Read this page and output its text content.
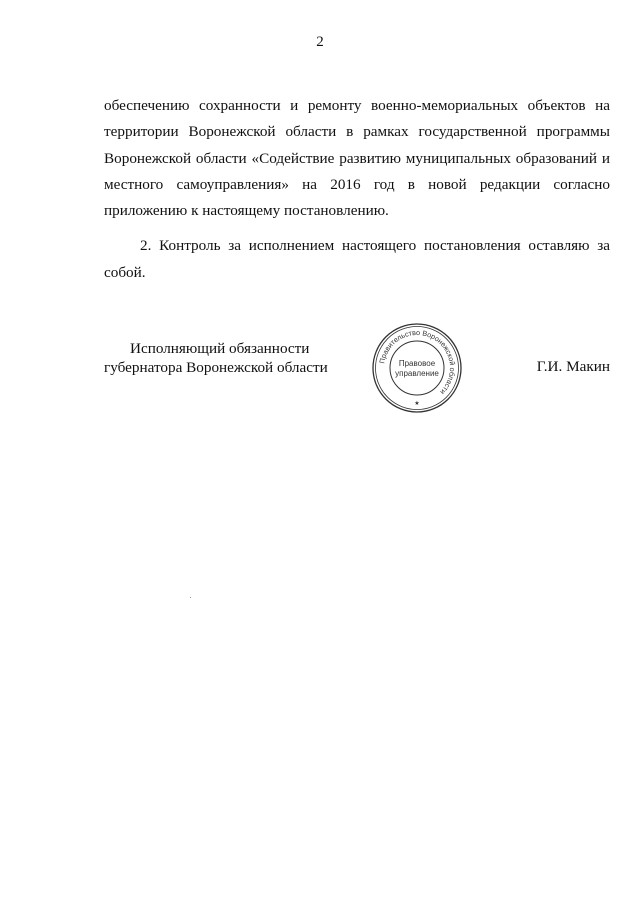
2

обеспечению сохранности и ремонту военно-мемориальных объектов на территории Воронежской области в рамках государственной программы Воронежской области «Содействие развитию муниципальных образований и местного самоуправления» на 2016 год в новой редакции согласно приложению к настоящему постановлению.

2. Контроль за исполнением настоящего постановления оставляю за собой.

Исполняющий обязанности
губернатора Воронежской области	Правительство Воронежской области
Правовое
управление
★
Г.И. Макин
